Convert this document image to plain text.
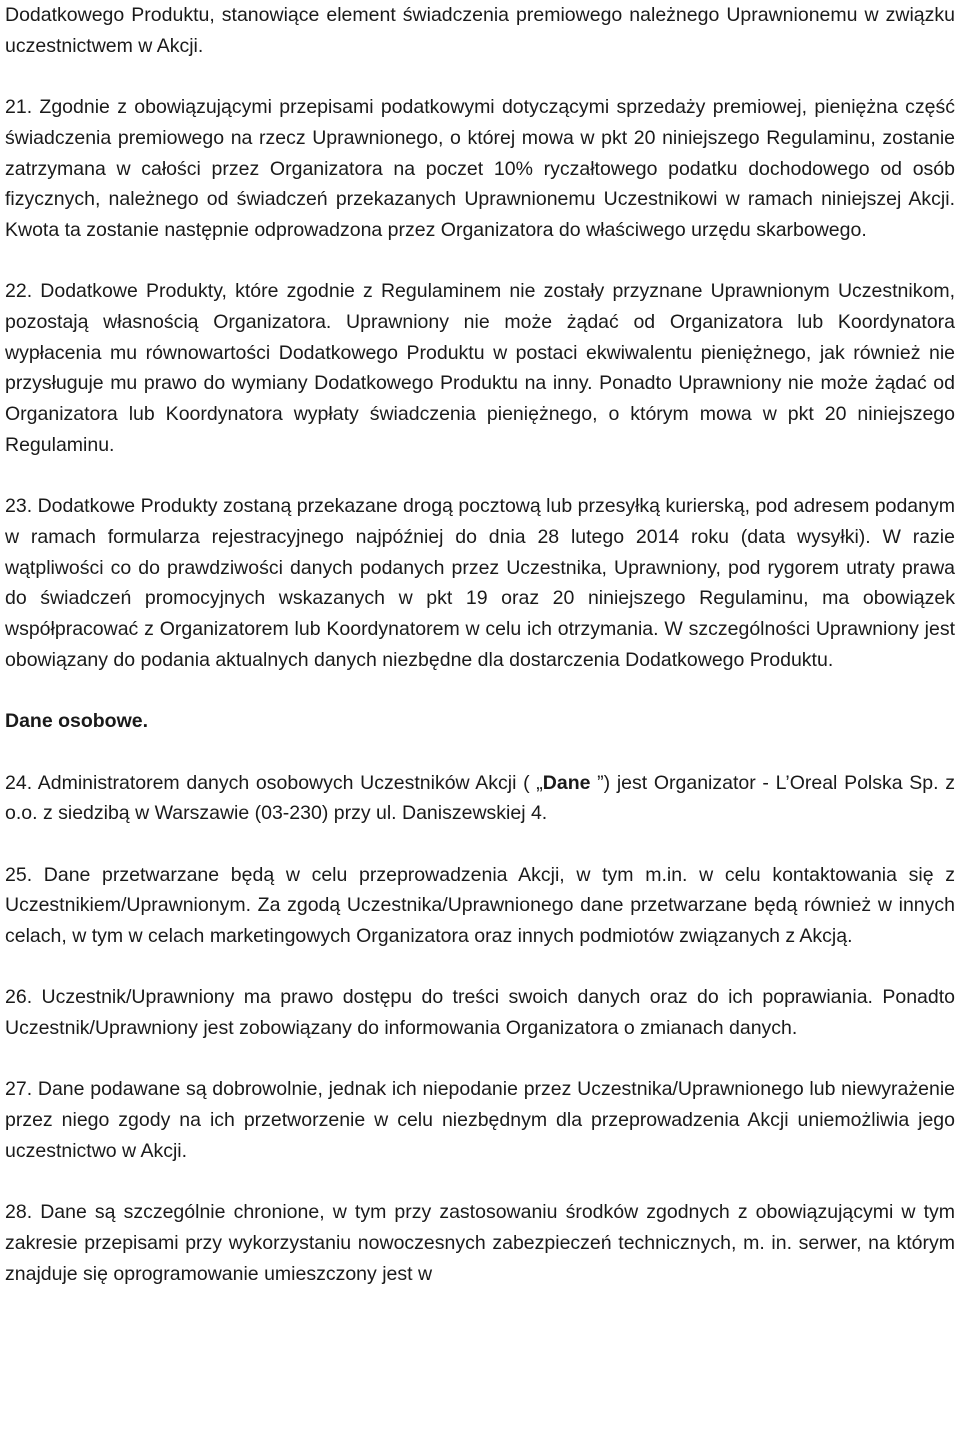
Dodatkowego Produktu, stanowiące element świadczenia premiowego należnego Uprawnionemu w związku uczestnictwem w Akcji.

21. Zgodnie z obowiązującymi przepisami podatkowymi dotyczącymi sprzedaży premiowej, pieniężna część świadczenia premiowego na rzecz Uprawnionego, o której mowa w pkt 20 niniejszego Regulaminu, zostanie zatrzymana w całości przez Organizatora na poczet 10% ryczałtowego podatku dochodowego od osób fizycznych, należnego od świadczeń przekazanych Uprawnionemu Uczestnikowi w ramach niniejszej Akcji. Kwota ta zostanie następnie odprowadzona przez Organizatora do właściwego urzędu skarbowego.

22. Dodatkowe Produkty, które zgodnie z Regulaminem nie zostały przyznane Uprawnionym Uczestnikom, pozostają własnością Organizatora. Uprawniony nie może żądać od Organizatora lub Koordynatora wypłacenia mu równowartości Dodatkowego Produktu w postaci ekwiwalentu pieniężnego, jak również nie przysługuje mu prawo do wymiany Dodatkowego Produktu na inny. Ponadto Uprawniony nie może żądać od Organizatora lub Koordynatora wypłaty świadczenia pieniężnego, o którym mowa w pkt 20 niniejszego Regulaminu.

23. Dodatkowe Produkty zostaną przekazane drogą pocztową lub przesyłką kurierską, pod adresem podanym w ramach formularza rejestracyjnego najpóźniej do dnia 28 lutego 2014 roku (data wysyłki). W razie wątpliwości co do prawdziwości danych podanych przez Uczestnika, Uprawniony, pod rygorem utraty prawa do świadczeń promocyjnych wskazanych w pkt 19 oraz 20 niniejszego Regulaminu, ma obowiązek współpracować z Organizatorem lub Koordynatorem w celu ich otrzymania. W szczególności Uprawniony jest obowiązany do podania aktualnych danych niezbędne dla dostarczenia Dodatkowego Produktu.

Dane osobowe.

24. Administratorem danych osobowych Uczestników Akcji ( „Dane ”) jest Organizator - L’Oreal Polska Sp. z o.o. z siedzibą w Warszawie (03-230) przy ul. Daniszewskiej 4.

25. Dane przetwarzane będą w celu przeprowadzenia Akcji, w tym m.in. w celu kontaktowania się z Uczestnikiem/Uprawnionym. Za zgodą Uczestnika/Uprawnionego dane przetwarzane będą również w innych celach, w tym w celach marketingowych Organizatora oraz innych podmiotów związanych z Akcją.

26. Uczestnik/Uprawniony ma prawo dostępu do treści swoich danych oraz do ich poprawiania. Ponadto Uczestnik/Uprawniony jest zobowiązany do informowania Organizatora o zmianach danych.

27. Dane podawane są dobrowolnie, jednak ich niepodanie przez Uczestnika/Uprawnionego lub niewyrażenie przez niego zgody na ich przetworzenie w celu niezbędnym dla przeprowadzenia Akcji uniemożliwia jego uczestnictwo w Akcji.

28. Dane są szczególnie chronione, w tym przy zastosowaniu środków zgodnych z obowiązującymi w tym zakresie przepisami przy wykorzystaniu nowoczesnych zabezpieczeń technicznych, m. in. serwer, na którym znajduje się oprogramowanie umieszczony jest w
